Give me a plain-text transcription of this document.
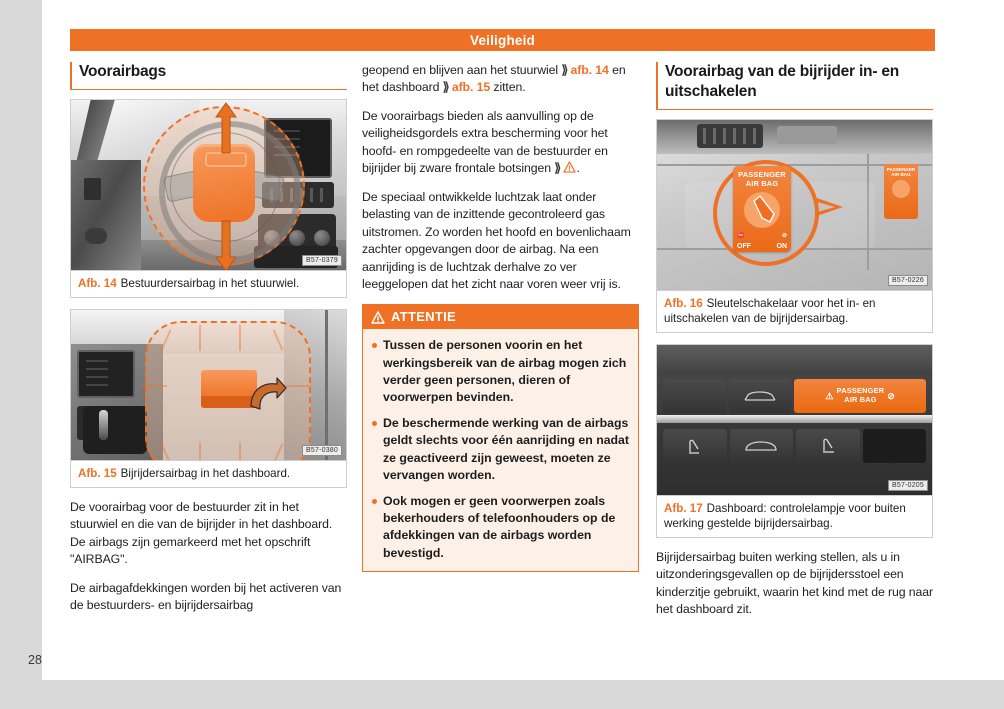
Veiligheid
28
Voorairbags
B57-0379
Afb. 14 Bestuurdersairbag in het stuurwiel.
B57-0380
Afb. 15 Bijrijdersairbag in het dashboard.

De voorairbag voor de bestuurder zit in het stuurwiel en die van de bijrijder in het dashboard. De airbags zijn gemarkeerd met het opschrift "AIRBAG".

De airbagafdekkingen worden bij het activeren van de bestuurders- en bijrijdersairbag

geopend en blijven aan het stuurwiel ⟫ afb. 14 en het dashboard ⟫ afb. 15 zitten.

De voorairbags bieden als aanvulling op de veiligheidsgordels extra bescherming voor het hoofd- en rompgedeelte van de bestuurder en bijrijder bij zware frontale botsingen ⟫ .

De speciaal ontwikkelde luchtzak laat onder belasting van de inzittende gecontroleerd gas uitstromen. Zo worden het hoofd en bovenlichaam zachter opgevangen door de airbag. Na een aanrijding is de luchtzak derhalve zo ver leeggelopen dat het zicht naar voren weer vrij is.

ATTENTIE
Tussen de personen voorin en het werkingsbereik van de airbag mogen zich verder geen personen, dieren of voorwerpen bevinden.
De beschermende werking van de airbags geldt slechts voor één aanrijding en nadat ze geactiveerd zijn geweest, moeten ze vervangen worden.
Ook mogen er geen voorwerpen zoals bekerhouders of telefoonhouders op de afdekkingen van de airbags worden bevestigd.
Voorairbag van de bijrijder in- en uitschakelen
PASSENGER
AIR BAG
⛔	⊘
OFF	ON
PASSENGER
AIR BAG
B57-0226
Afb. 16 Sleutelschakelaar voor het in- en uitschakelen van de bijrijdersairbag.
⚠ PASSENGER
AIR BAG	⊘
B57-0205
Afb. 17 Dashboard: controlelampje voor buiten werking gestelde bijrijdersairbag.

Bijrijdersairbag buiten werking stellen, als u in uitzonderingsgevallen op de bijrijdersstoel een kinderzitje gebruikt, waarin het kind met de rug naar het dashboard zit.
